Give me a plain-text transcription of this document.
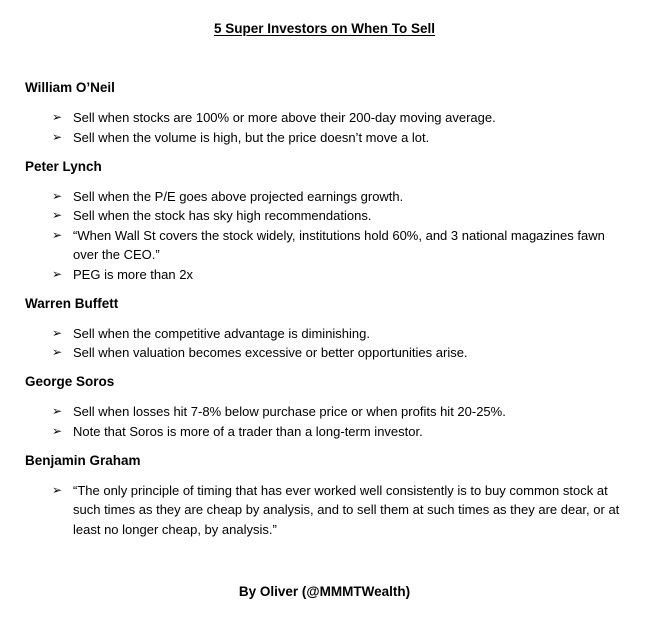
5 Super Investors on When To Sell
William O’Neil
➢ Sell when stocks are 100% or more above their 200-day moving average.
➢ Sell when the volume is high, but the price doesn’t move a lot.
Peter Lynch
➢ Sell when the P/E goes above projected earnings growth.
➢ Sell when the stock has sky high recommendations.
➢ “When Wall St covers the stock widely, institutions hold 60%, and 3 national magazines fawn over the CEO.”
➢ PEG is more than 2x
Warren Buffett
➢ Sell when the competitive advantage is diminishing.
➢ Sell when valuation becomes excessive or better opportunities arise.
George Soros
➢ Sell when losses hit 7-8% below purchase price or when profits hit 20-25%.
➢ Note that Soros is more of a trader than a long-term investor.
Benjamin Graham
➢ “The only principle of timing that has ever worked well consistently is to buy common stock at such times as they are cheap by analysis, and to sell them at such times as they are dear, or at least no longer cheap, by analysis.”
By Oliver (@MMMTWealth)
